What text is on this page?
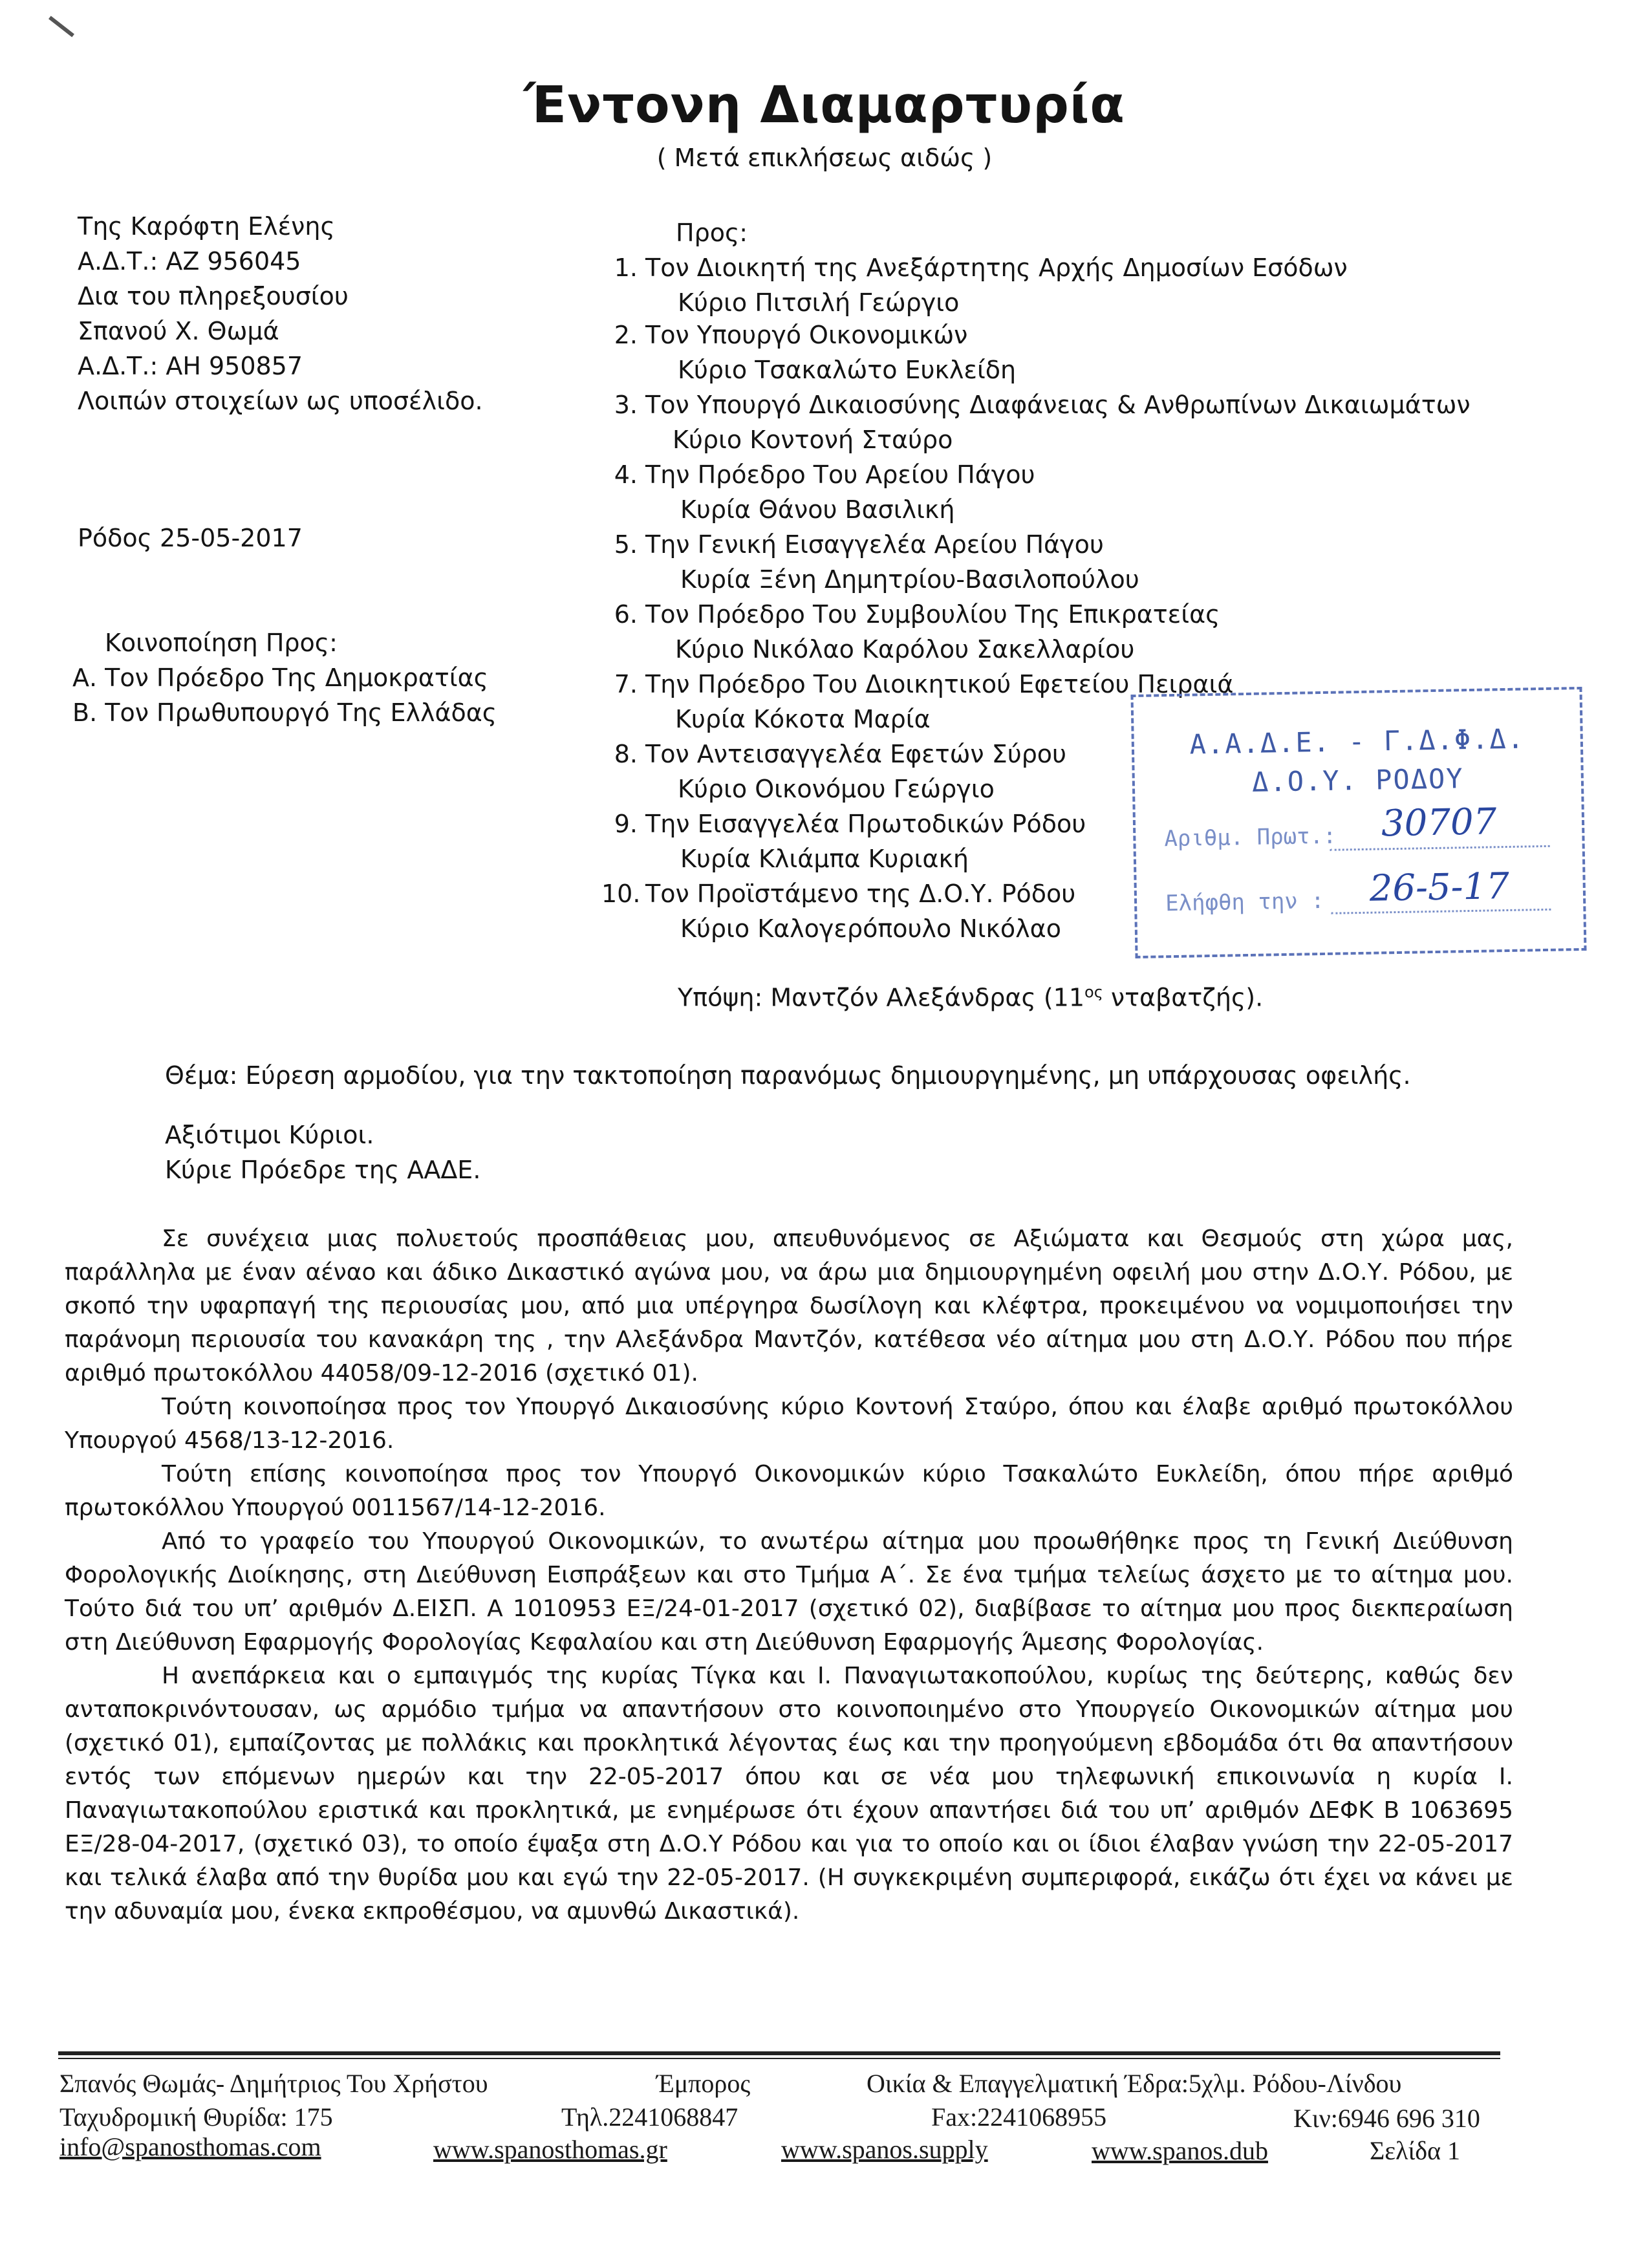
Έντονη Διαμαρτυρία
( Μετά επικλήσεως αιδώς )
Της Καρόφτη Ελένης
Α.Δ.Τ.: ΑΖ 956045
Δια του πληρεξουσίου
Σπανού Χ. Θωμά
Α.Δ.Τ.: ΑΗ 950857
Λοιπών στοιχείων ως υποσέλιδο.
Ρόδος 25-05-2017
Κοινοποίηση Προς:
Α. Τον Πρόεδρο Της Δημοκρατίας
Β. Τον Πρωθυπουργό Της Ελλάδας
Προς:
1. Τον Διοικητή της Ανεξάρτητης Αρχής Δημοσίων Εσόδων
Κύριο Πιτσιλή Γεώργιο
2. Τον Υπουργό Οικονομικών
Κύριο Τσακαλώτο Ευκλείδη
3. Τον Υπουργό Δικαιοσύνης Διαφάνειας & Ανθρωπίνων Δικαιωμάτων
Κύριο Κοντονή Σταύρο
4. Την Πρόεδρο Του Αρείου Πάγου
Κυρία Θάνου Βασιλική
5. Την Γενική Εισαγγελέα Αρείου Πάγου
Κυρία Ξένη Δημητρίου-Βασιλοπούλου
6. Τον Πρόεδρο Του Συμβουλίου Της Επικρατείας
Κύριο Νικόλαο Καρόλου Σακελλαρίου
7. Την Πρόεδρο Του Διοικητικού Εφετείου Πειραιά
Κυρία Κόκοτα Μαρία
8. Τον Αντεισαγγελέα Εφετών Σύρου
Κύριο Οικονόμου Γεώργιο
9. Την Εισαγγελέα Πρωτοδικών Ρόδου
Κυρία Κλιάμπα Κυριακή
10. Τον Προϊστάμενο της Δ.Ο.Υ. Ρόδου
Κύριο Καλογερόπουλο Νικόλαο
Υπόψη: Μαντζόν Αλεξάνδρας ($11^{o\varsigma}$ νταβατζής).
Α.Α.Δ.Ε. - Γ.Δ.Φ.Δ.
Δ.Ο.Υ. ΡΟΔΟΥ
Αριθμ. Πρωτ.: 30707
Ελήφθη την : 26-5-17
Θέμα: Εύρεση αρμοδίου, για την τακτοποίηση παρανόμως δημιουργημένης, μη υπάρχουσας οφειλής.
Αξιότιμοι Κύριοι.
Κύριε Πρόεδρε της ΑΑΔΕ.

Σε συνέχεια μιας πολυετούς προσπάθειας μου, απευθυνόμενος σε Αξιώματα και Θεσμούς στη χώρα μας, παράλληλα με έναν αέναο και άδικο Δικαστικό αγώνα μου, να άρω μια δημιουργημένη οφειλή μου στην Δ.Ο.Υ. Ρόδου, με σκοπό την υφαρπαγή της περιουσίας μου, από μια υπέργηρα δωσίλογη και κλέφτρα, προκειμένου να νομιμοποιήσει την παράνομη περιουσία του κανακάρη της , την Αλεξάνδρα Μαντζόν, κατέθεσα νέο αίτημα μου στη Δ.Ο.Υ. Ρόδου που πήρε αριθμό πρωτοκόλλου 44058/09-12-2016 (σχετικό 01).

Τούτη κοινοποίησα προς τον Υπουργό Δικαιοσύνης κύριο Κοντονή Σταύρο, όπου και έλαβε αριθμό πρωτοκόλλου Υπουργού 4568/13-12-2016.

Τούτη επίσης κοινοποίησα προς τον Υπουργό Οικονομικών κύριο Τσακαλώτο Ευκλείδη, όπου πήρε αριθμό πρωτοκόλλου Υπουργού 0011567/14-12-2016.

Από το γραφείο του Υπουργού Οικονομικών, το ανωτέρω αίτημα μου προωθήθηκε προς τη Γενική Διεύθυνση Φορολογικής Διοίκησης, στη Διεύθυνση Εισπράξεων και στο Τμήμα Α΄. Σε ένα τμήμα τελείως άσχετο με το αίτημα μου. Τούτο διά του υπ’ αριθμόν Δ.ΕΙΣΠ. Α 1010953 ΕΞ/24-01-2017 (σχετικό 02), διαβίβασε το αίτημα μου προς διεκπεραίωση στη Διεύθυνση Εφαρμογής Φορολογίας Κεφαλαίου και στη Διεύθυνση Εφαρμογής Άμεσης Φορολογίας.

Η ανεπάρκεια και ο εμπαιγμός της κυρίας Τίγκα και Ι. Παναγιωτακοπούλου, κυρίως της δεύτερης, καθώς δεν ανταποκρινόντουσαν, ως αρμόδιο τμήμα να απαντήσουν στο κοινοποιημένο στο Υπουργείο Οικονομικών αίτημα μου (σχετικό 01), εμπαίζοντας με πολλάκις και προκλητικά λέγοντας έως και την προηγούμενη εβδομάδα ότι θα απαντήσουν εντός των επόμενων ημερών και την 22-05-2017 όπου και σε νέα μου τηλεφωνική επικοινωνία η κυρία Ι. Παναγιωτακοπούλου εριστικά και προκλητικά, με ενημέρωσε ότι έχουν απαντήσει διά του υπ’ αριθμόν ΔΕΦΚ Β 1063695 ΕΞ/28-04-2017, (σχετικό 03), το οποίο έψαξα στη Δ.Ο.Υ Ρόδου και για το οποίο και οι ίδιοι έλαβαν γνώση την 22-05-2017 και τελικά έλαβα από την θυρίδα μου και εγώ την 22-05-2017. (Η συγκεκριμένη συμπεριφορά, εικάζω ότι έχει να κάνει με την αδυναμία μου, ένεκα εκπροθέσμου, να αμυνθώ Δικαστικά).

Σπανός Θωμάς- Δημήτριος Του Χρήστου	Έμπορος	Οικία & Επαγγελματική Έδρα:5χλμ. Ρόδου-Λίνδου
Ταχυδρομική Θυρίδα: 175	Τηλ.2241068847	Fax:2241068955	Κιν:6946 696 310
info@spanosthomas.com	www.spanosthomas.gr	www.spanos.supply	www.spanos.dub	Σελίδα 1
